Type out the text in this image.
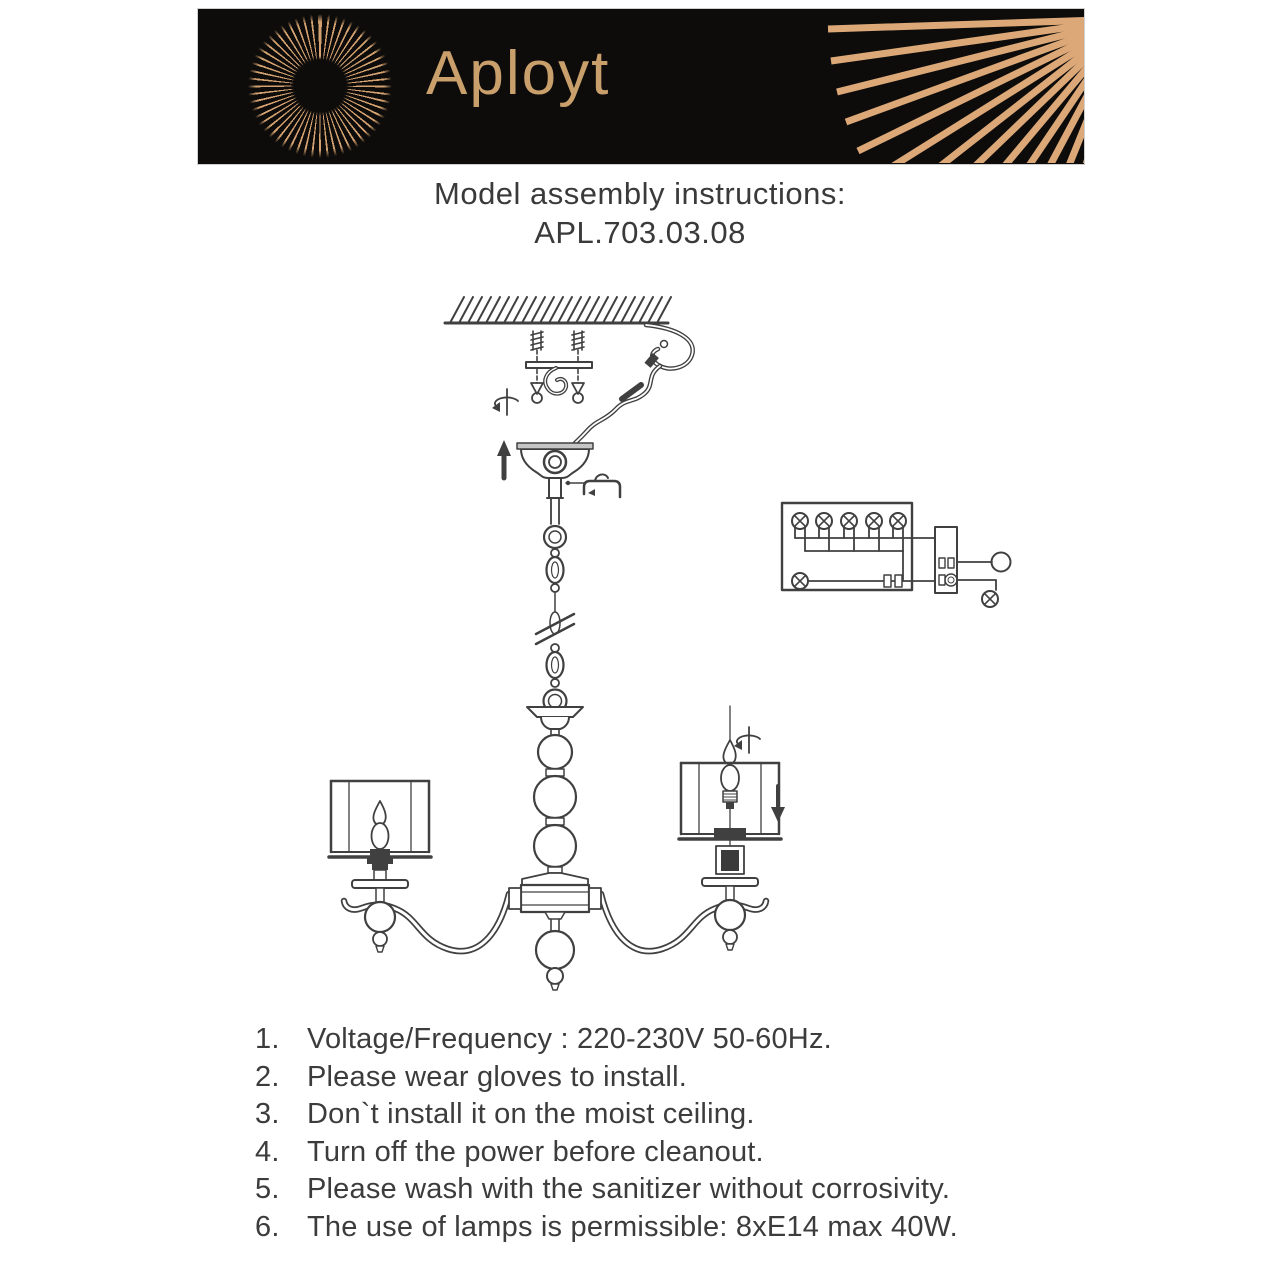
Aployt
Model assembly instructions:
APL.703.03.08
1. Voltage/Frequency : 220-230V 50-60Hz.
2. Please wear gloves to install.
3. Don`t install it on the moist ceiling.
4. Turn off the power before cleanout.
5. Please wash with the sanitizer without corrosivity.
6. The use of lamps is permissible: 8xE14 max 40W.
